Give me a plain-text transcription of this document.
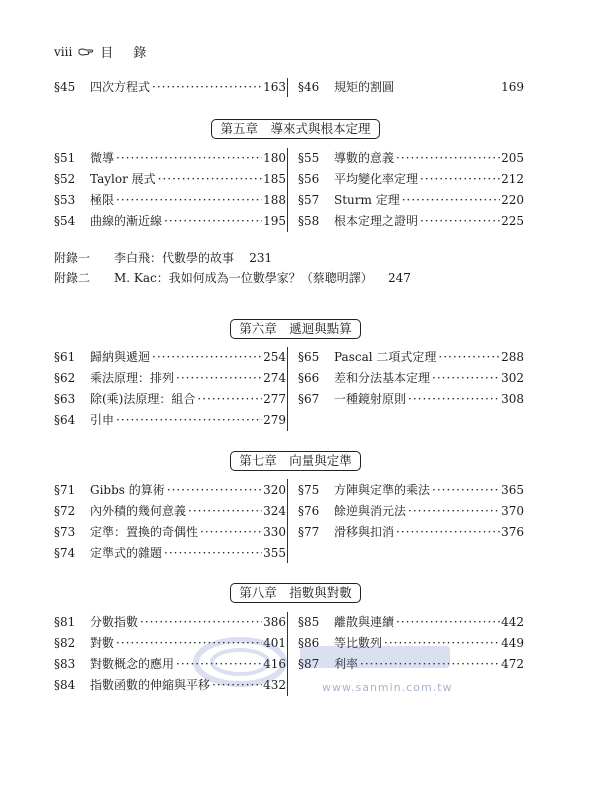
viii 目 錄
§45	四次方程式 ·····	163 §46	規矩的割圓	169
第五章　導來式與根本定理
§51	微導 ·····	180 §55	導數的意義 ·····	205
§52	Taylor 展式 ·····	185 §56	平均變化率定理 ·····	212
§53	極限 ·····	188 §57	Sturm 定理 ·····	220
§54	曲線的漸近線 ·····	195 §58	根本定理之證明 ·····	225
附錄一 李白飛：代數學的故事 231
附錄二 M. Kac：我如何成為一位數學家？（蔡聰明譯） 247
第六章　遞迴與點算
§61	歸納與遞迴 ·····	254 §65	Pascal 二項式定理 ·····	288
§62	乘法原理：排列 ·····	274 §66	差和分法基本定理 ·····	302
§63	除(乘)法原理：組合 ·····	277 §67	一種鏡射原則 ·····	308
§64	引申 ·····	279
第七章　向量與定準
§71	Gibbs 的算術 ·····	320 §75	方陣與定準的乘法 ·····	365
§72	內外積的幾何意義 ·····	324 §76	餘逆與消元法 ·····	370
§73	定準：置換的奇偶性 ·····	330 §77	滑移與扣消 ·····	376
§74	定準式的雜題 ·····	355
第八章　指數與對數
§81	分數指數 ·····	386 §85	離散與連續 ·····	442
§82	對數 ·····	401 §86	等比數列 ·····	449
§83	對數概念的應用 ·····	416 §87	利率 ·····	472
§84	指數函數的伸縮與平移 ·····	432	www.sanmin.com.tw
